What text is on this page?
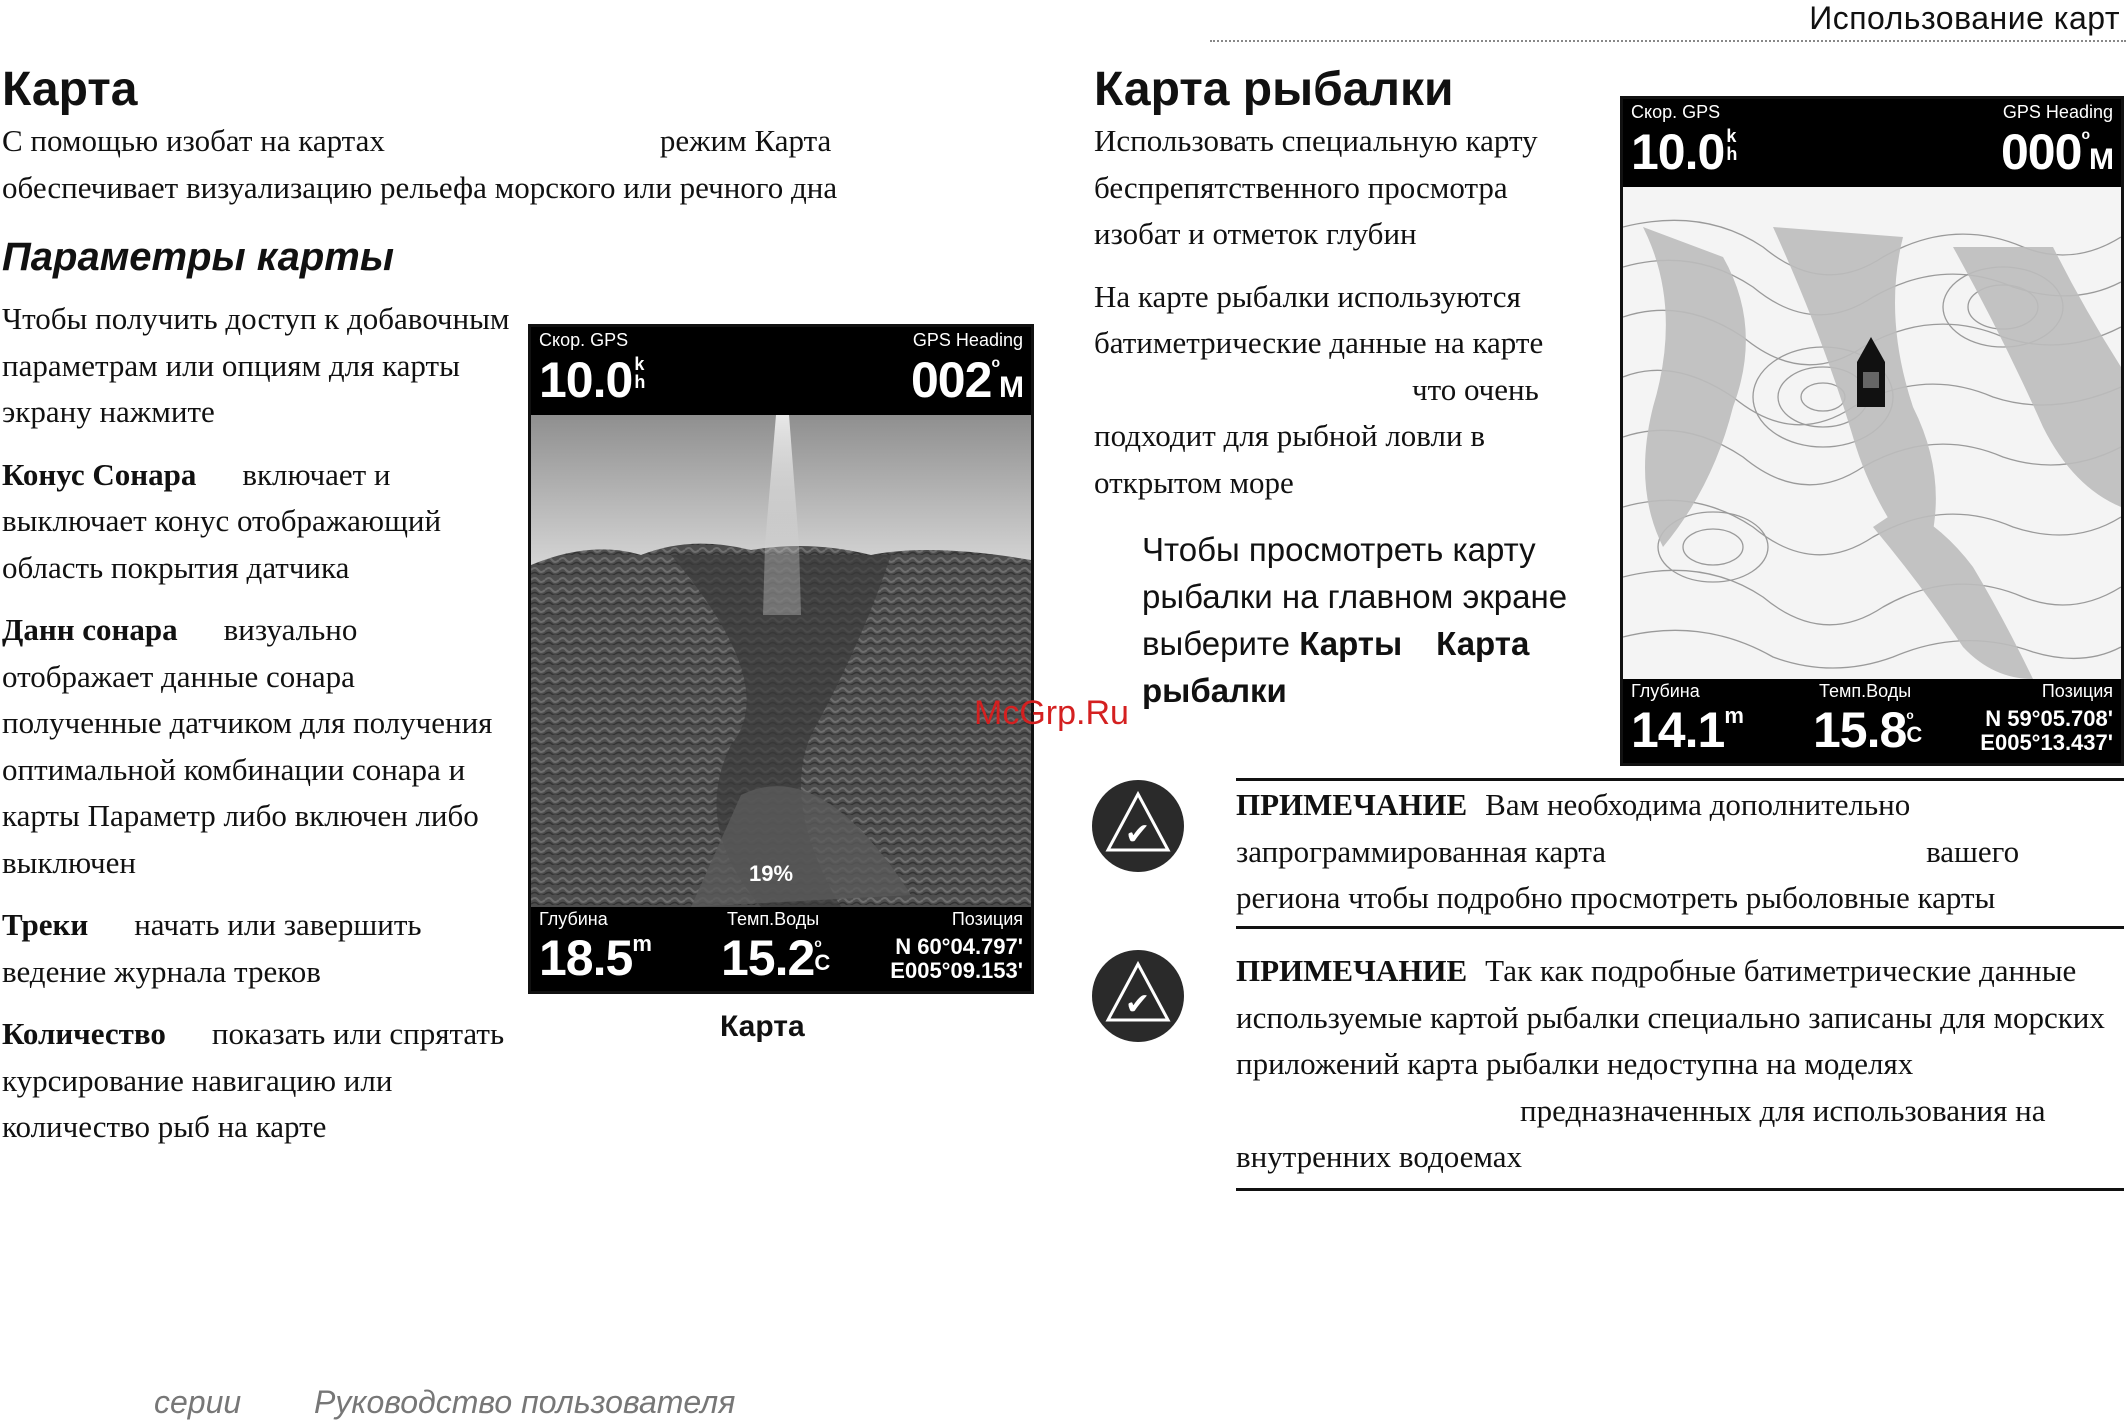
Использование карт
Карта
С помощью изобат на картах	режим Карта
обеспечивает визуализацию рельефа морского или речного дна
Параметры карты
Чтобы получить доступ к добавочным
параметрам или опциям для карты
экрану нажмите
Конус Сонара включает и
выключает конус отображающий
область покрытия датчика
Данн сонара визуально
отображает данные сонара
полученные датчиком для получения
оптимальной комбинации сонара и
карты Параметр либо включен либо
выключен
Треки начать или завершить
ведение журнала треков
Количество показать или спрятать
курсирование навигацию или
количество рыб на карте
Скор. GPS
10.0 k
h
GPS Heading
002$^o$M
19%
Глубина
18.5$^m$
Темп.Воды
15.2 o
C
Позиция
N 60°04.797'
E005°09.153'
Карта
Карта рыбалки
Использовать специальную карту
беспрепятственного просмотра
изобат и отметок глубин
На карте рыбалки используются
батиметрические данные на карте
что очень
подходит для рыбной ловли в
открытом море
Чтобы просмотреть карту
рыбалки на главном экране
выберите Карты Карта
рыбалки
Скор. GPS
10.0 k
h
GPS Heading
000$^o$M
Глубина
14.1$^m$
Темп.Воды
15.8 o
C
Позиция
N 59°05.708'
E005°13.437'
McGrp.Ru
✔
ПРИМЕЧАНИЕ Вам необходима дополнительно
запрограммированная карта	вашего
региона чтобы подробно просмотреть рыболовные карты
✔
ПРИМЕЧАНИЕ Так как подробные батиметрические данные
используемые картой рыбалки специально записаны для морских
приложений карта рыбалки недоступна на моделях
предназначенных для использования на
внутренних водоемах
серии Руководство пользователя
